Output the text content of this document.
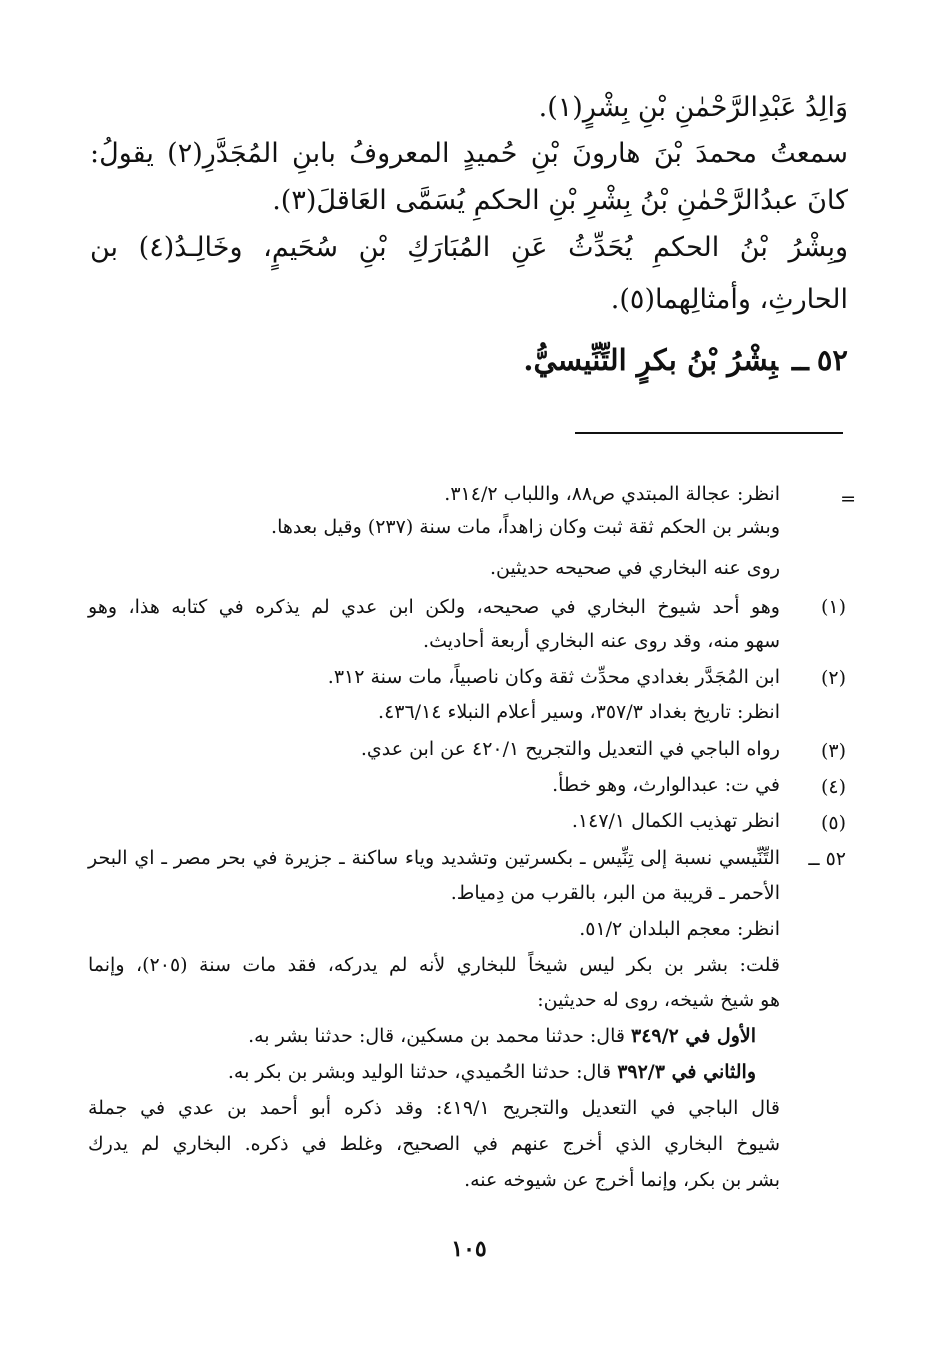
وَالِدُ عَبْدِالرَّحْمٰنِ بْنِ بِشْرٍ(١).
سمعتُ محمدَ بْنَ هارونَ بْنِ حُميدٍ المعروفُ بابنِ المُجَدَّرِ(٢) يقولُ:
كانَ عبدُالرَّحْمٰنِ بْنُ بِشْرِ بْنِ الحكمِ يُسَمَّى العَاقلَ(٣).
وبِشْرُ بْنُ الحكمِ يُحَدِّثُ عَنِ المُبَارَكِ بْنِ سُحَيمٍ، وخَالِـدُ(٤) بن
الحارثِ، وأمثالِهما(٥).
٥٢ــبِشْرُ بْنُ بكرٍ التِّنِّيسيُّ.
=
انظر: عجالة المبتدي ص٨٨، واللباب ٣١٤/٢.
وبشر بن الحكم ثقة ثبت وكان زاهداً، مات سنة (٢٣٧) وقيل بعدها.
روى عنه البخاري في صحيحه حديثين.
(١)
وهو أحد شيوخ البخاري في صحيحه، ولكن ابن عدي لم يذكره في كتابه هذا، وهو
سهو منه، وقد روى عنه البخاري أربعة أحاديث.
(٢)
ابن المُجَدَّر بغدادي محدِّث ثقة وكان ناصبياً، مات سنة ٣١٢.
انظر: تاريخ بغداد ٣٥٧/٣، وسير أعلام النبلاء ٤٣٦/١٤.
(٣)
رواه الباجي في التعديل والتجريح ٤٢٠/١ عن ابن عدي.
(٤)
في ت: عبدالوارث، وهو خطأ.
(٥)
انظر تهذيب الكمال ١٤٧/١.
٥٢ ــ
التِّنِّيسي نسبة إلى تِنِّيس ـ بكسرتين وتشديد وياء ساكنة ـ جزيرة في بحر مصر ـ اي البحر
الأحمر ـ قريبة من البر، بالقرب من دِمياط.
انظر: معجم البلدان ٥١/٢.
قلت: بشر بن بكر ليس شيخاً للبخاري لأنه لم يدركه، فقد مات سنة (٢٠٥)، وإنما
هو شيخ شيخه، روى له حديثين:
الأول في ٣٤٩/٢ قال: حدثنا محمد بن مسكين، قال: حدثنا بشر به.
والثاني في ٣٩٢/٣ قال: حدثنا الحُميدي، حدثنا الوليد وبشر بن بكر به.
قال الباجي في التعديل والتجريح ٤١٩/١: وقد ذكره أبو أحمد بن عدي في جملة
شيوخ البخاري الذي أخرج عنهم في الصحيح، وغلط في ذكره. البخاري لم يدرك
بشر بن بكر، وإنما أخرج عن شيوخه عنه.
١٠٥
